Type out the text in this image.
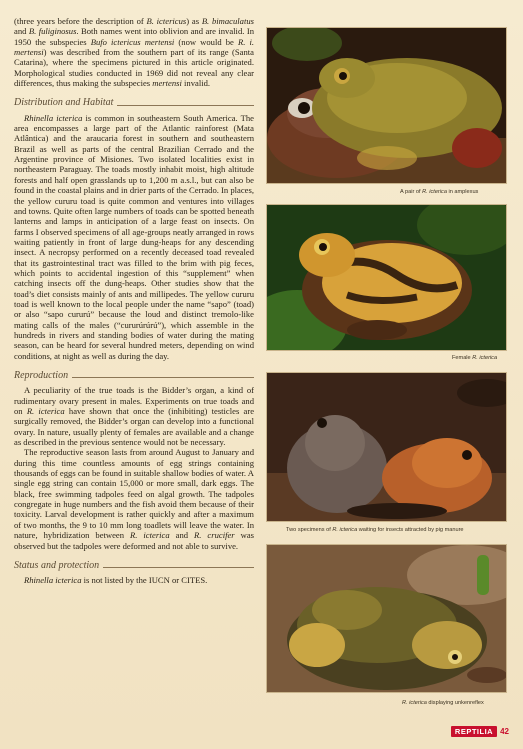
(three years before the description of B. ictericus) as B. bimaculatus and B. fuliginosus. Both names went into oblivion and are invalid. In 1950 the subspecies Bufo ictericus mertensi (now would be R. i. mertensi) was described from the southern part of its range (Santa Catarina), where the specimens pictured in this article originated. Morphological studies conducted in 1969 did not reveal any clear differences, thus making the subspecies mertensi invalid.

Distribution and Habitat

Rhinella icterica is common in southeastern South America. The area encompasses a large part of the Atlantic rainforest (Mata Atlântica) and the araucaria forest in southern and southeastern Brazil as well as parts of the central Brazilian Cerrado and the Argentine province of Misiones. Two isolated localities exist in northeastern Paraguay. The toads mostly inhabit moist, high altitude forests and half open grasslands up to 1,200 m a.s.l., but can also be found in the coastal plains and in drier parts of the Cerrado. In places, the yellow cururu toad is quite common and ventures into villages and towns. Quite often large numbers of toads can be spotted beneath lanterns and lamps in anticipation of a large feast on insects. On farms I observed specimens of all age-groups neatly arranged in rows waiting patiently in front of large dung-heaps for any descending insect. A necropsy performed on a recently deceased toad revealed that its gastrointestinal tract was filled to the brim with pig feces, which points to accidental ingestion of this “supplement” when catching insects off the dung-heaps. Other studies show that the toad’s diet consists mainly of ants and millipedes. The yellow cururu toad is well known to the local people under the name “sapo” (toad) or also “sapo cururú” because the loud and distinct tremolo-like mating calls of the males (“cururúrúrú”), which assemble in the hundreds in rivers and standing bodies of water during the mating season, can be heard for several hundred meters, depending on wind conditions, at night as well as during the day.

Reproduction

A peculiarity of the true toads is the Bidder’s organ, a kind of rudimentary ovary present in males. Experiments on true toads and on R. icterica have shown that once the (inhibiting) testicles are surgically removed, the Bidder’s organ can develop into a functional ovary. In nature, usually plenty of females are available and a change as described in the previous sentence would not be necessary.

The reproductive season lasts from around August to January and during this time countless amounts of egg strings containing thousands of eggs can be found in suitable shallow bodies of water. A single egg string can contain 15,000 or more small, dark eggs. The black, free swimming tadpoles feed on algal growth. The tadpoles congregate in huge numbers and the fish avoid them because of their toxicity. Larval development is rather quickly and after a maximum of two months, the 9 to 10 mm long toadlets will leave the water. In nature, hybridization between R. icterica and R. crucifer was observed but the tadpoles were deformed and not able to survive.

Status and protection

Rhinella icterica is not listed by the IUCN or CITES.

A pair of R. icterica in amplexus
Female R. icterica
Two specimens of R. icterica waiting for insects attracted by pig manure
R. icterica displaying unkenreflex
REPTILIA 42
